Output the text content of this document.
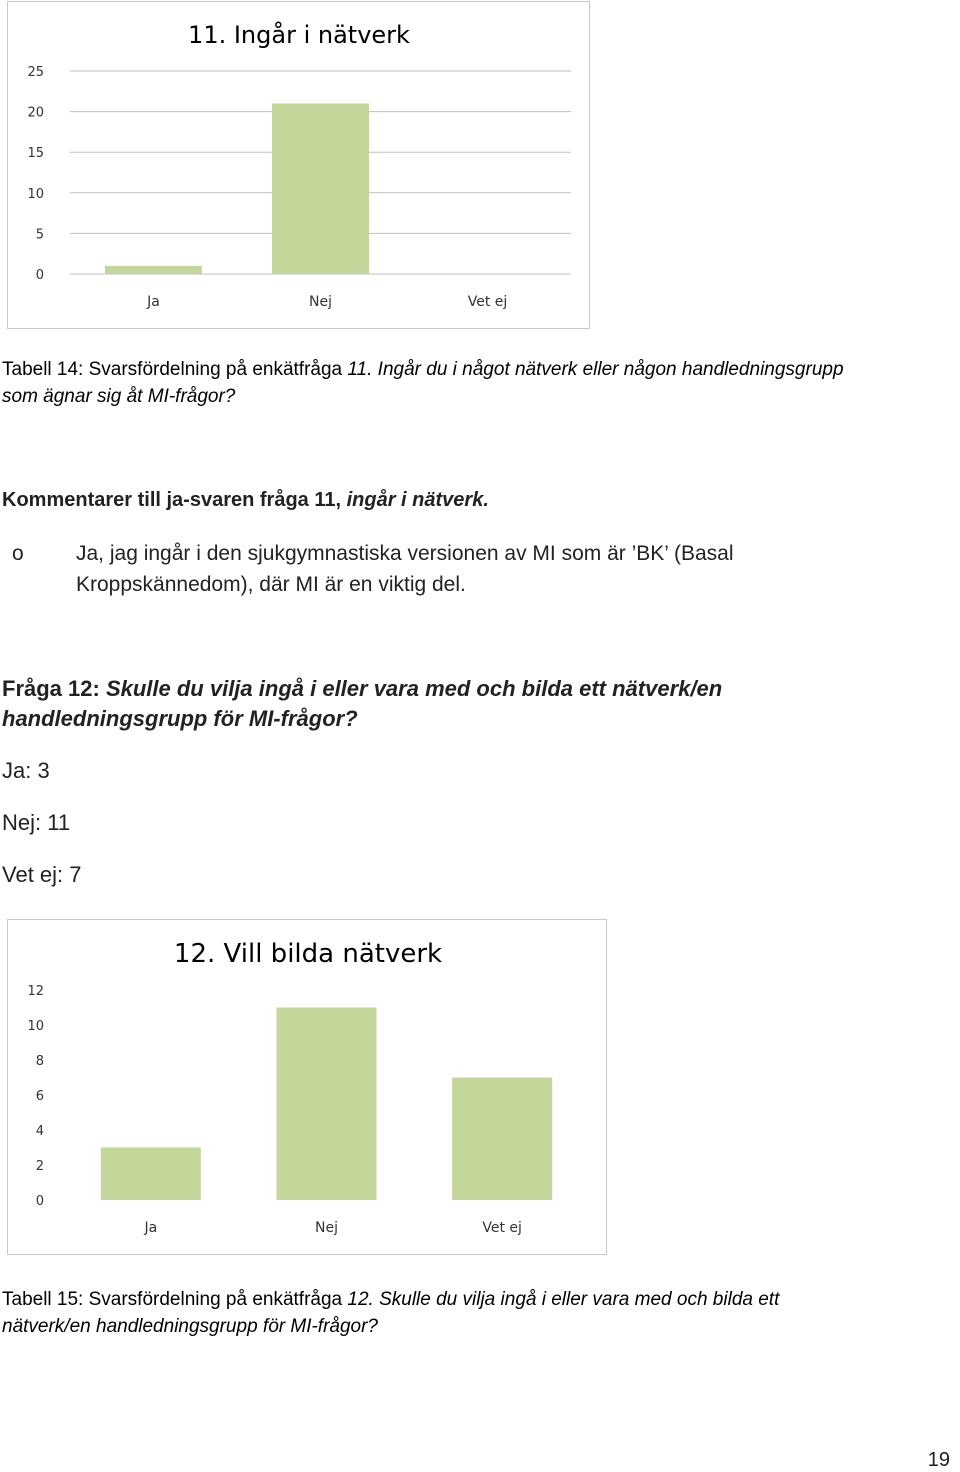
11. Ingår i nätverk
0
5
10
15
20
25
Ja	Nej	Vet ej

Tabell 14: Svarsfördelning på enkätfråga 11. Ingår du i något nätverk eller någon handledningsgrupp
som ägnar sig åt MI-frågor?

Kommentarer till ja-svaren fråga 11, ingår i nätverk.

o	Ja, jag ingår i den sjukgymnastiska versionen av MI som är ’BK’ (Basal
Kroppskännedom), där MI är en viktig del.

Fråga 12: Skulle du vilja ingå i eller vara med och bilda ett nätverk/en
handledningsgrupp för MI-frågor?

Ja: 3

Nej: 11

Vet ej: 7

12. Vill bilda nätverk
0
2
4
6
8
10
12
Ja	Nej	Vet ej

Tabell 15: Svarsfördelning på enkätfråga 12. Skulle du vilja ingå i eller vara med och bilda ett
nätverk/en handledningsgrupp för MI-frågor?

19
